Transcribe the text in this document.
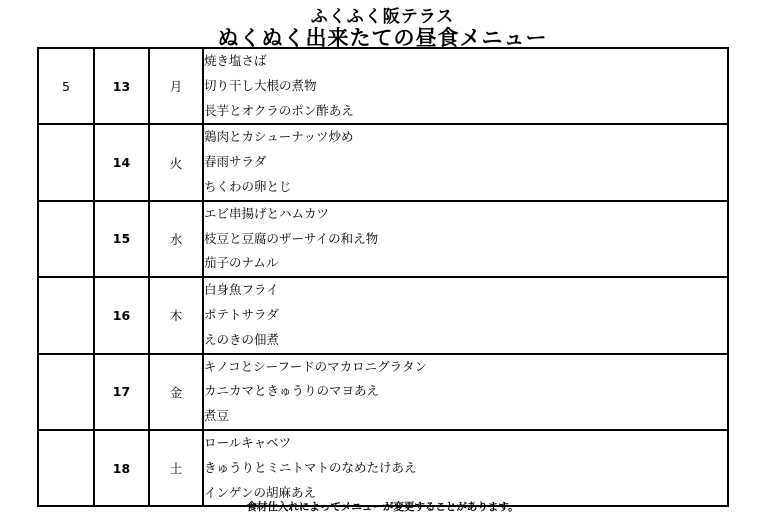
ふくふく阪テラス
ぬくぬく出来たての昼食メニュー
5	13	月	焼き塩さば
切り干し大根の煮物
長芋とオクラのポン酢あえ

	14	火	鶏肉とカシューナッツ炒め
春雨サラダ
ちくわの卵とじ

	15	水	エビ串揚げとハムカツ
枝豆と豆腐のザーサイの和え物
茄子のナムル

	16	木	白身魚フライ
ポテトサラダ
えのきの佃煮

	17	金	キノコとシーフードのマカロニグラタン
カニカマときゅうりのマヨあえ
煮豆

	18	土	ロールキャベツ
きゅうりとミニトマトのなめたけあえ
インゲンの胡麻あえ
食材仕入れによってメニューが変更することがあります。
